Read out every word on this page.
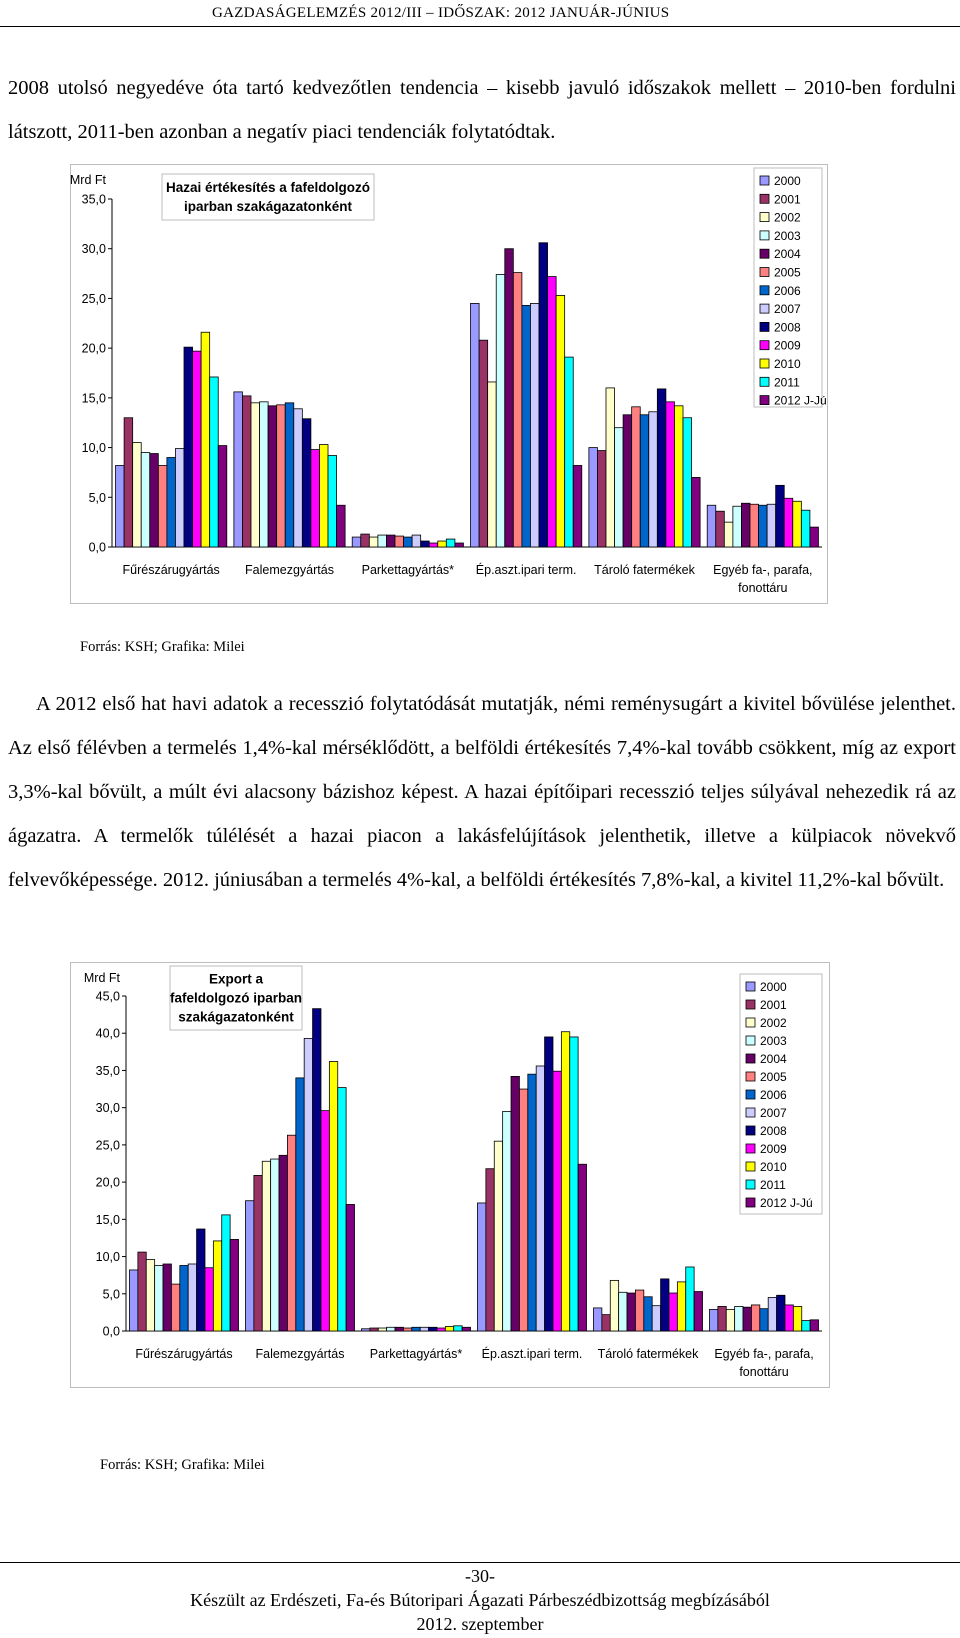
GAZDASÁGELEMZÉS 2012/III – IDŐSZAK: 2012 JANUÁR-JÚNIUS

2008 utolsó negyedéve óta tartó kedvezőtlen tendencia – kisebb javuló időszakok mellett – 2010-ben fordulni látszott, 2011-ben azonban a negatív piaci tendenciák folytatódtak.

0,0
5,0
10,0
15,0
20,0
25,0
30,0
35,0
Mrd Ft
Fűrészárugyártás Falemezgyártás Parkettagyártás* Ép.aszt.ipari term. Tároló fatermékek Egyéb fa-, parafa,
fonottáru
Hazai értékesítés a fafeldolgozó
iparban szakágazatonként
2000
2001
2002
2003
2004
2005
2006
2007
2008
2009
2010
2011
2012 J-Jú
Forrás: KSH; Grafika: Milei

A 2012 első hat havi adatok a recesszió folytatódását mutatják, némi reménysugárt a kivitel bővülése jelenthet. Az első félévben a termelés 1,4%-kal mérséklődött, a belföldi értékesítés 7,4%-kal tovább csökkent, míg az export 3,3%-kal bővült, a múlt évi alacsony bázishoz képest. A hazai építőipari recesszió teljes súlyával nehezedik rá az ágazatra. A termelők túlélését a hazai piacon a lakásfelújítások jelenthetik, illetve a külpiacok növekvő felvevőképessége. 2012. júniusában a termelés 4%-kal, a belföldi értékesítés 7,8%-kal, a kivitel 11,2%-kal bővült.

0,0
5,0
10,0
15,0
20,0
25,0
30,0
35,0
40,0
45,0
Mrd Ft
Fűrészárugyártás Falemezgyártás Parkettagyártás* Ép.aszt.ipari term. Tároló fatermékek Egyéb fa-, parafa,
fonottáru
Export a
fafeldolgozó iparban
szakágazatonként
2000
2001
2002
2003
2004
2005
2006
2007
2008
2009
2010
2011
2012 J-Jú
Forrás: KSH; Grafika: Milei
-30-
Készült az Erdészeti, Fa-és Bútoripari Ágazati Párbeszédbizottság megbízásából
2012. szeptember
